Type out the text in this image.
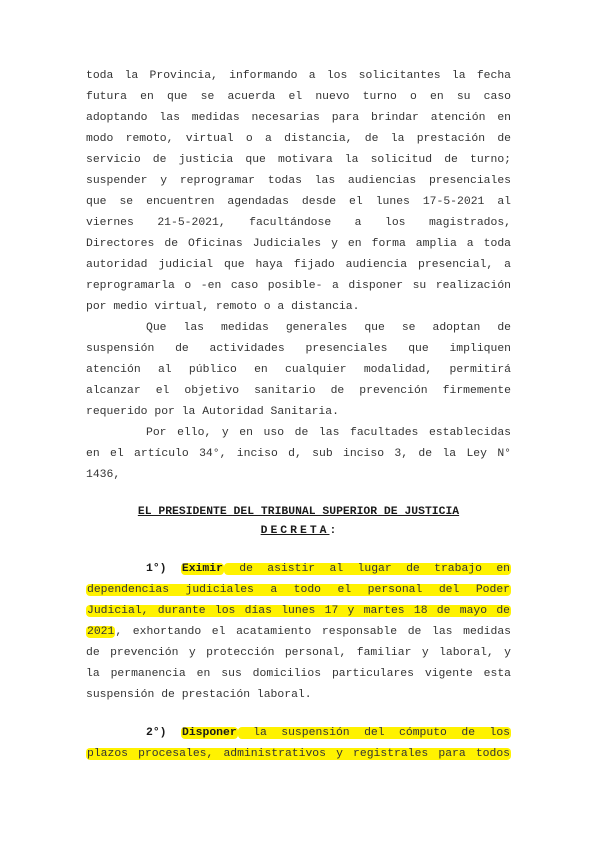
toda la Provincia, informando a los solicitantes la fecha
futura en que se acuerda el nuevo turno o en su caso
adoptando las medidas necesarias para brindar atención en
modo remoto, virtual o a distancia, de la prestación de
servicio de justicia que motivara la solicitud de turno;
suspender y reprogramar todas las audiencias presenciales
que se encuentren agendadas desde el lunes 17-5-2021 al
viernes 21-5-2021, facultándose a los magistrados,
Directores de Oficinas Judiciales y en forma amplia a toda
autoridad judicial que haya fijado audiencia presencial, a
reprogramarla o -en caso posible- a disponer su realización
por medio virtual, remoto o a distancia.
Que las medidas generales que se adoptan de
suspensión de actividades presenciales que impliquen
atención al público en cualquier modalidad, permitirá
alcanzar el objetivo sanitario de prevención firmemente
requerido por la Autoridad Sanitaria.
Por ello, y en uso de las facultades establecidas
en el artículo 34°, inciso d, sub inciso 3, de la Ley N°
1436,
EL PRESIDENTE DEL TRIBUNAL SUPERIOR DE JUSTICIA
DECRETA:
1°) Eximir de asistir al lugar de trabajo en
dependencias judiciales a todo el personal del Poder
Judicial, durante los días lunes 17 y martes 18 de mayo de
2021, exhortando el acatamiento responsable de las medidas
de prevención y protección personal, familiar y laboral, y
la permanencia en sus domicilios particulares vigente esta
suspensión de prestación laboral.
2°) Disponer la suspensión del cómputo de los
plazos procesales, administrativos y registrales para todos
